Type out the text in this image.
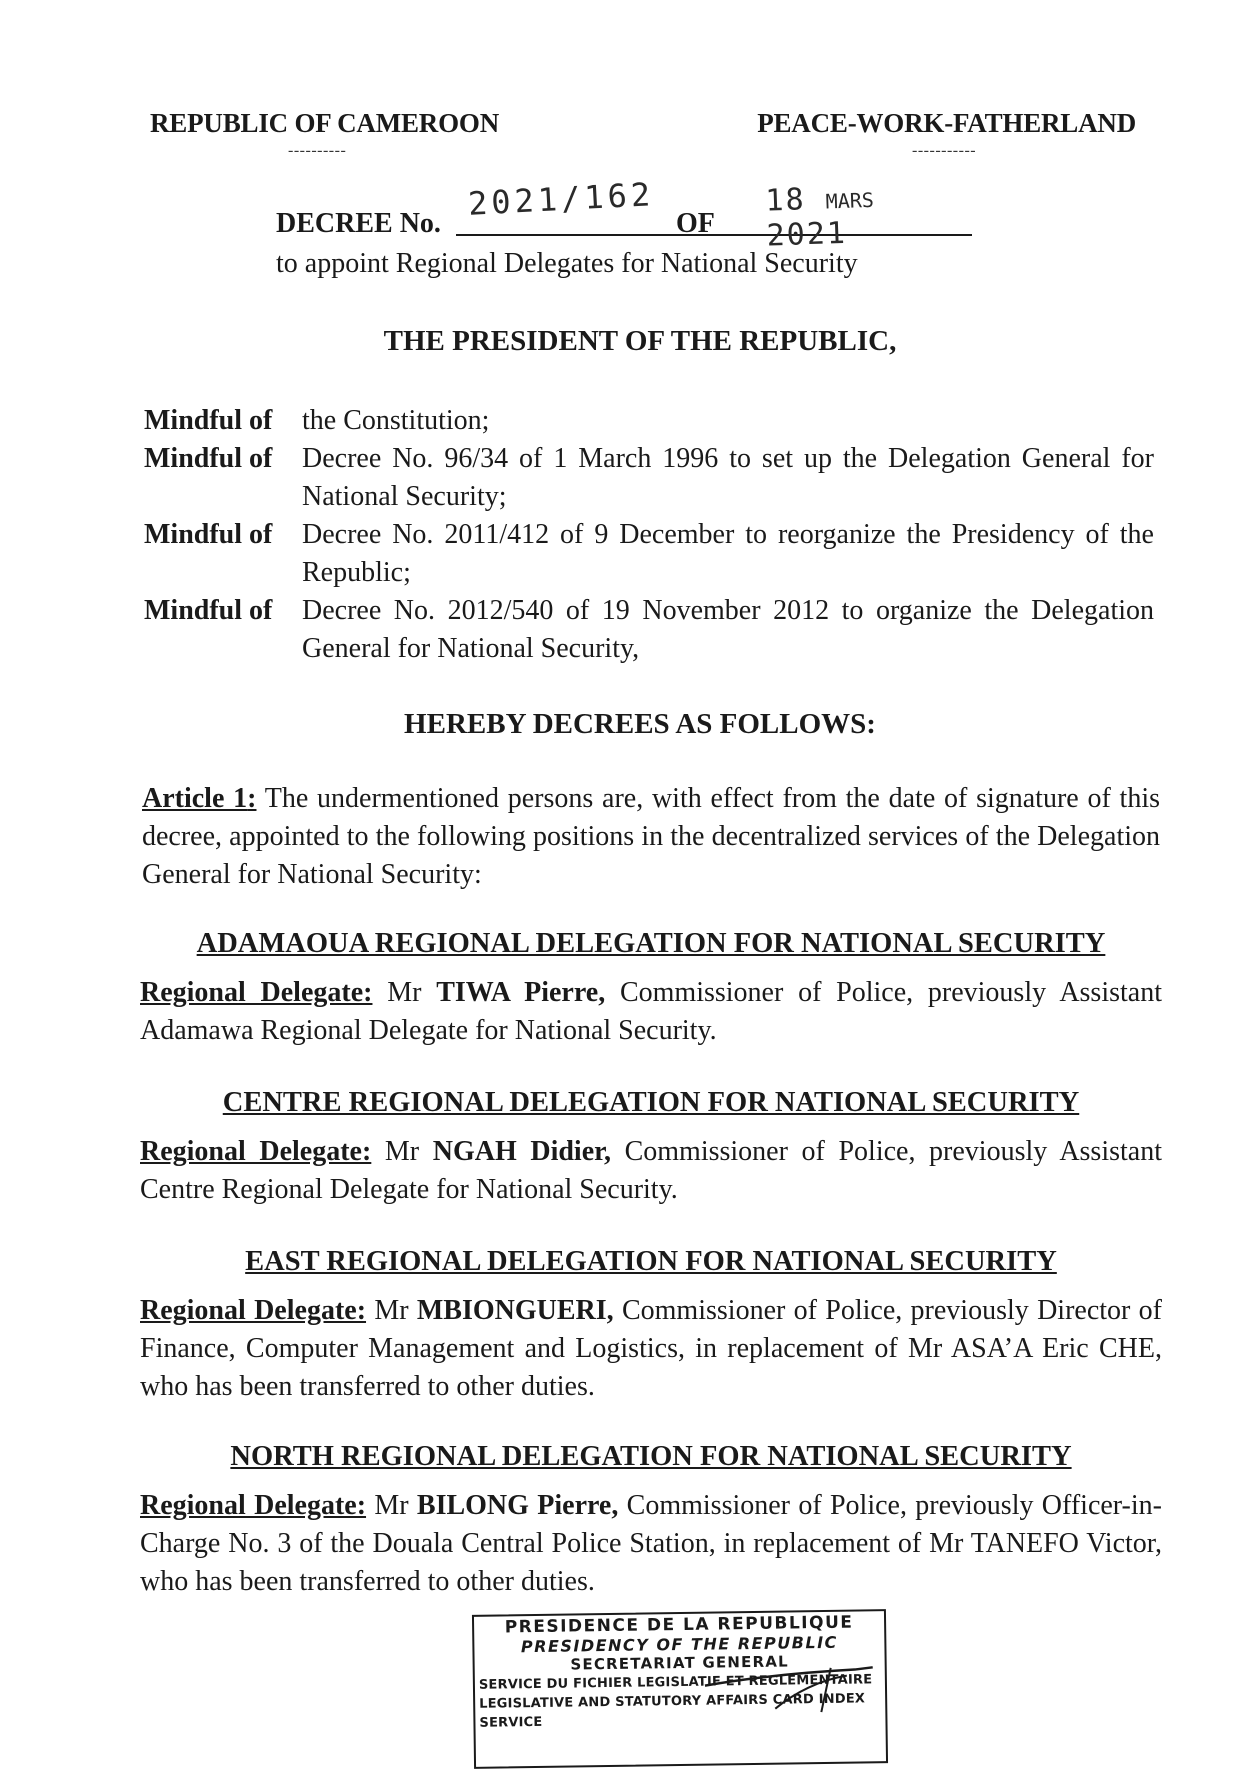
REPUBLIC OF CAMEROON	PEACE-WORK-FATHERLAND
----------	-----------
DECREE No.
2021/162
OF
18 MARS 2021
to appoint Regional Delegates for National Security
THE PRESIDENT OF THE REPUBLIC,
Mindful of	the Constitution;
Mindful of	Decree No. 96/34 of 1 March 1996 to set up the Delegation General for National Security;
Mindful of	Decree No. 2011/412 of 9 December to reorganize the Presidency of the Republic;
Mindful of	Decree No. 2012/540 of 19 November 2012 to organize the Delegation General for National Security,
HEREBY DECREES AS FOLLOWS:
Article 1: The undermentioned persons are, with effect from the date of signature of this decree, appointed to the following positions in the decentralized services of the Delegation General for National Security:
ADAMAOUA REGIONAL DELEGATION FOR NATIONAL SECURITY
Regional Delegate: Mr TIWA Pierre, Commissioner of Police, previously Assistant Adamawa Regional Delegate for National Security.
CENTRE REGIONAL DELEGATION FOR NATIONAL SECURITY
Regional Delegate: Mr NGAH Didier, Commissioner of Police, previously Assistant Centre Regional Delegate for National Security.
EAST REGIONAL DELEGATION FOR NATIONAL SECURITY
Regional Delegate: Mr MBIONGUERI, Commissioner of Police, previously Director of Finance, Computer Management and Logistics, in replacement of Mr ASA’A Eric CHE, who has been transferred to other duties.
NORTH REGIONAL DELEGATION FOR NATIONAL SECURITY
Regional Delegate: Mr BILONG Pierre, Commissioner of Police, previously Officer-in-Charge No. 3 of the Douala Central Police Station, in replacement of Mr TANEFO Victor, who has been transferred to other duties.
PRESIDENCE DE LA REPUBLIQUE
PRESIDENCY OF THE REPUBLIC
SECRETARIAT GENERAL
SERVICE DU FICHIER LEGISLATIF ET REGLEMENTAIRE
LEGISLATIVE AND STATUTORY AFFAIRS CARD INDEX SERVICE
